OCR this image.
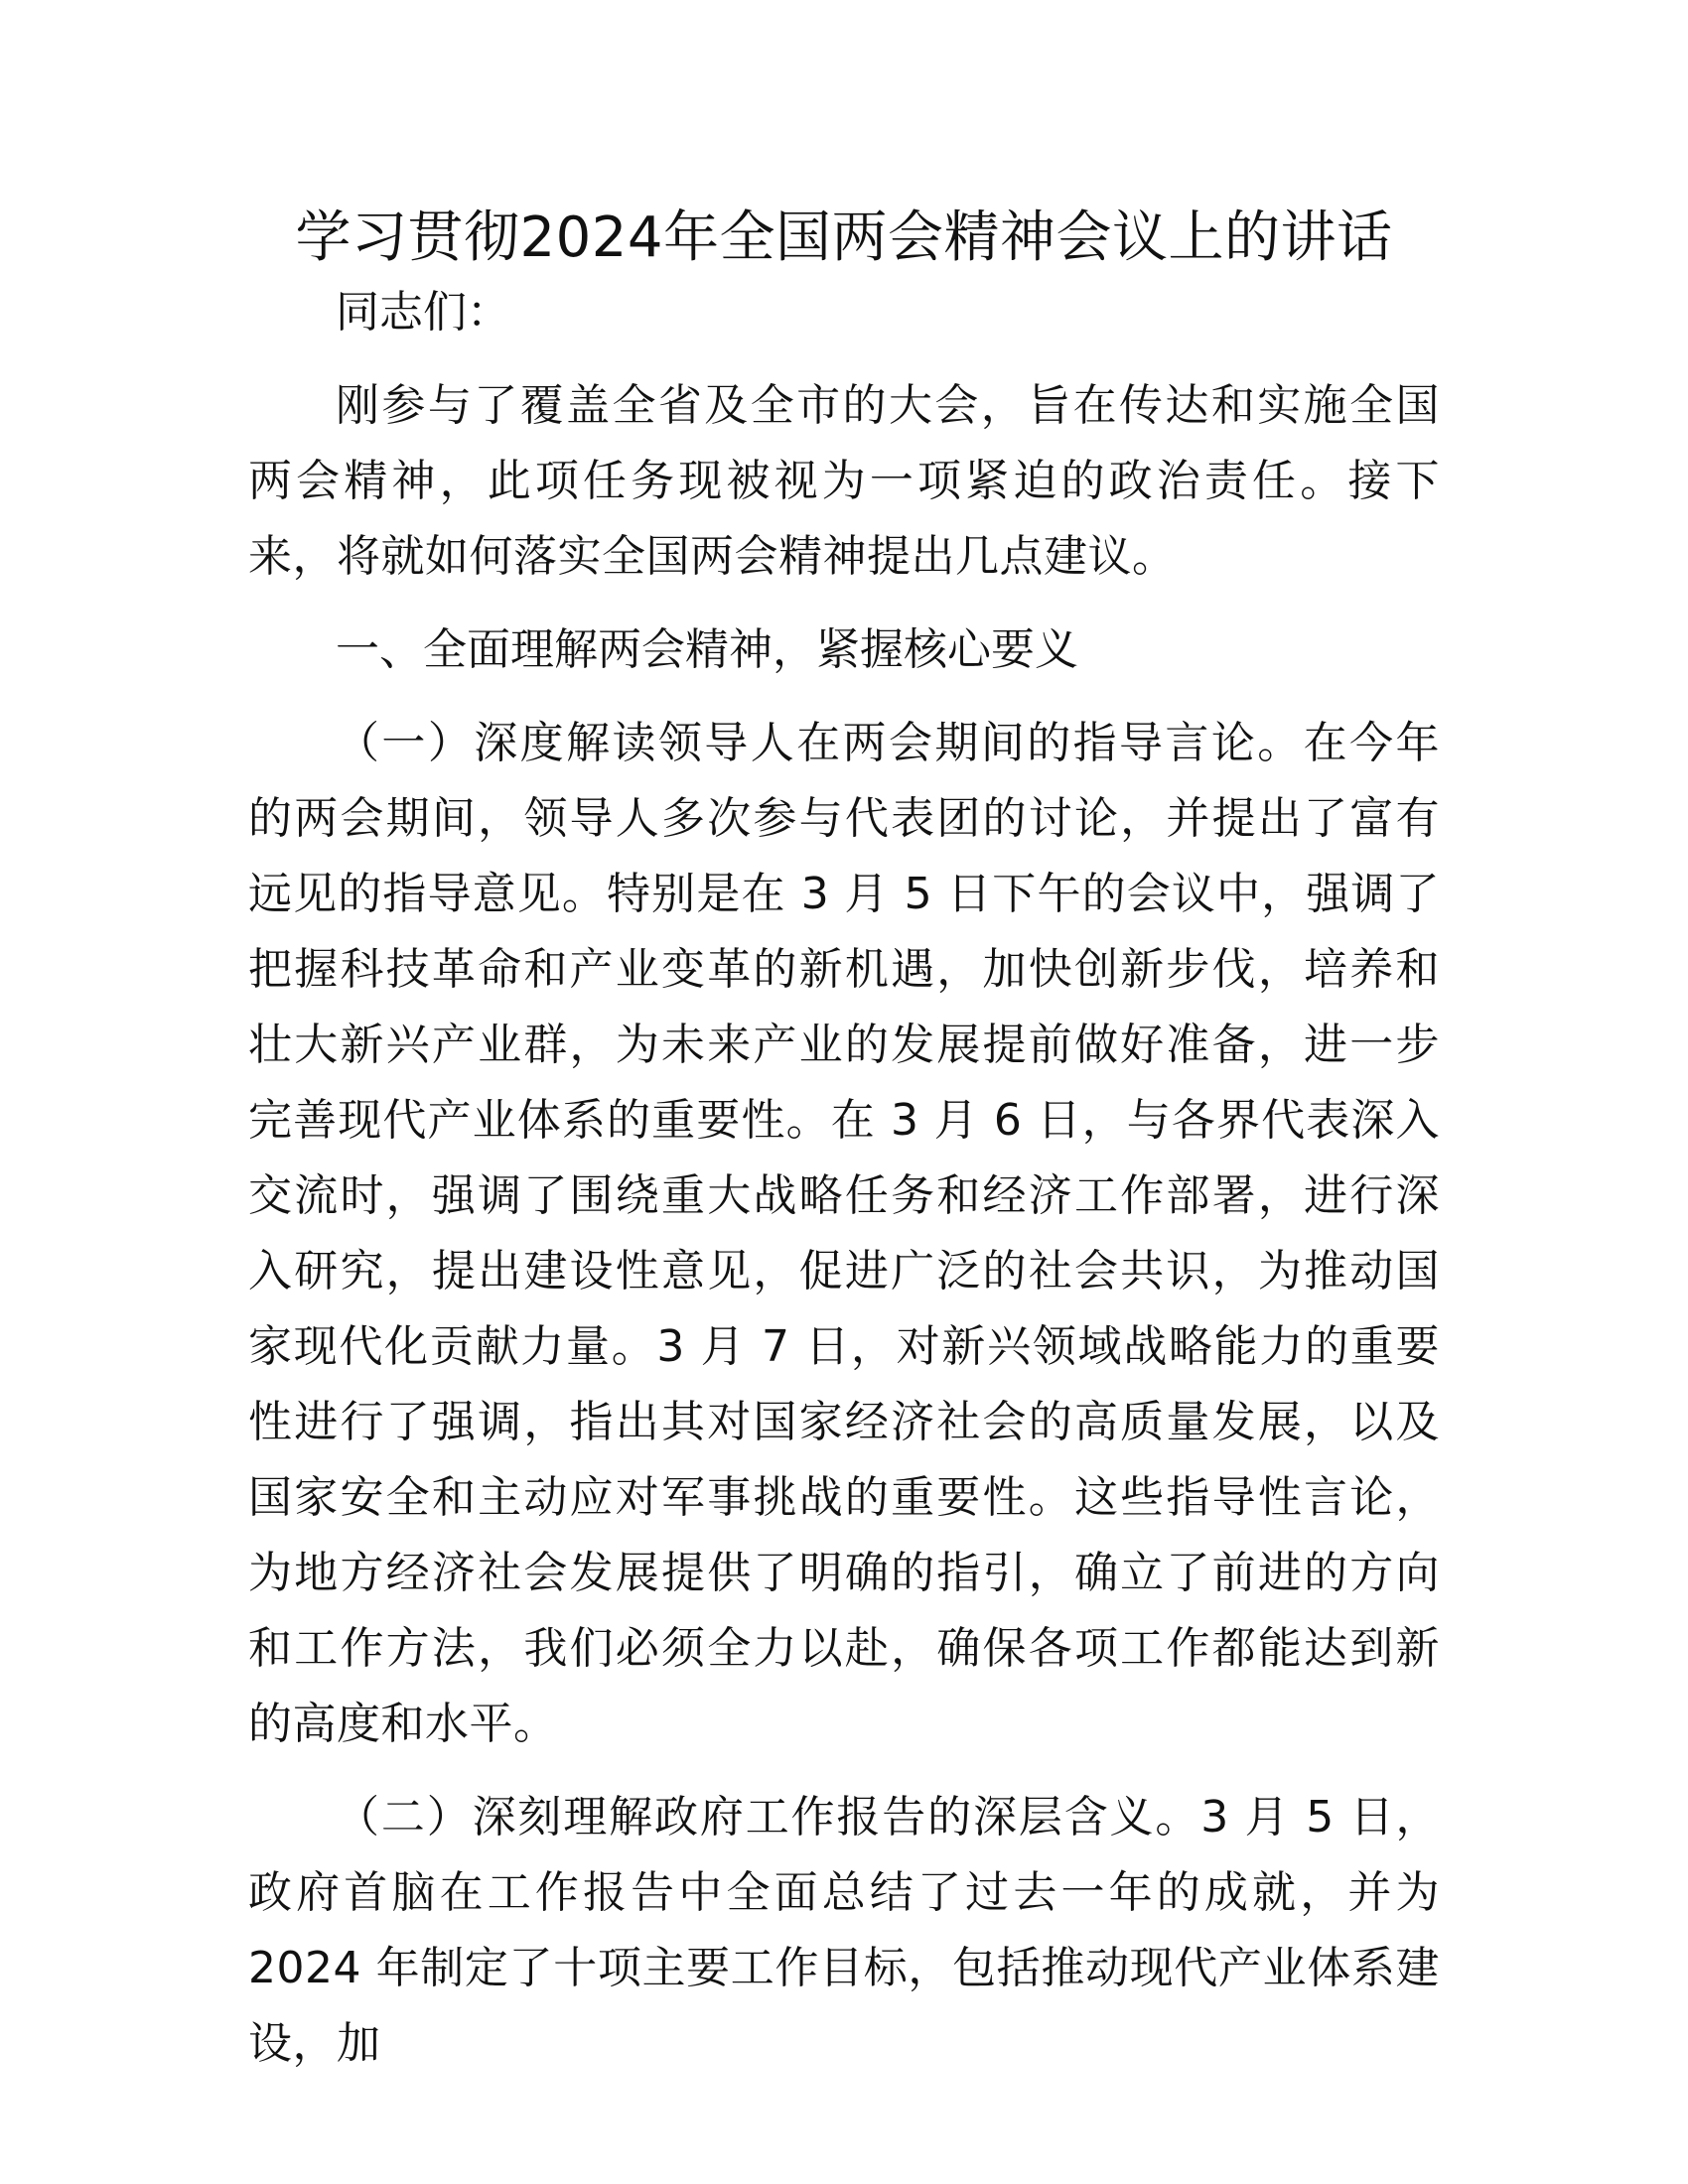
学习贯彻2024年全国两会精神会议上的讲话

同志们：

刚参与了覆盖全省及全市的大会，旨在传达和实施全国两会精神，此项任务现被视为一项紧迫的政治责任。接下来，将就如何落实全国两会精神提出几点建议。

一、全面理解两会精神，紧握核心要义

（一）深度解读领导人在两会期间的指导言论。在今年的两会期间，领导人多次参与代表团的讨论，并提出了富有远见的指导意见。特别是在 3 月 5 日下午的会议中，强调了把握科技革命和产业变革的新机遇，加快创新步伐，培养和壮大新兴产业群，为未来产业的发展提前做好准备，进一步完善现代产业体系的重要性。在 3 月 6 日，与各界代表深入交流时，强调了围绕重大战略任务和经济工作部署，进行深入研究，提出建设性意见，促进广泛的社会共识，为推动国家现代化贡献力量。3 月 7 日，对新兴领域战略能力的重要性进行了强调，指出其对国家经济社会的高质量发展，以及国家安全和主动应对军事挑战的重要性。这些指导性言论，为地方经济社会发展提供了明确的指引，确立了前进的方向和工作方法，我们必须全力以赴，确保各项工作都能达到新的高度和水平。

（二）深刻理解政府工作报告的深层含义。3 月 5 日，政府首脑在工作报告中全面总结了过去一年的成就，并为 2024 年制定了十项主要工作目标，包括推动现代产业体系建设，加
